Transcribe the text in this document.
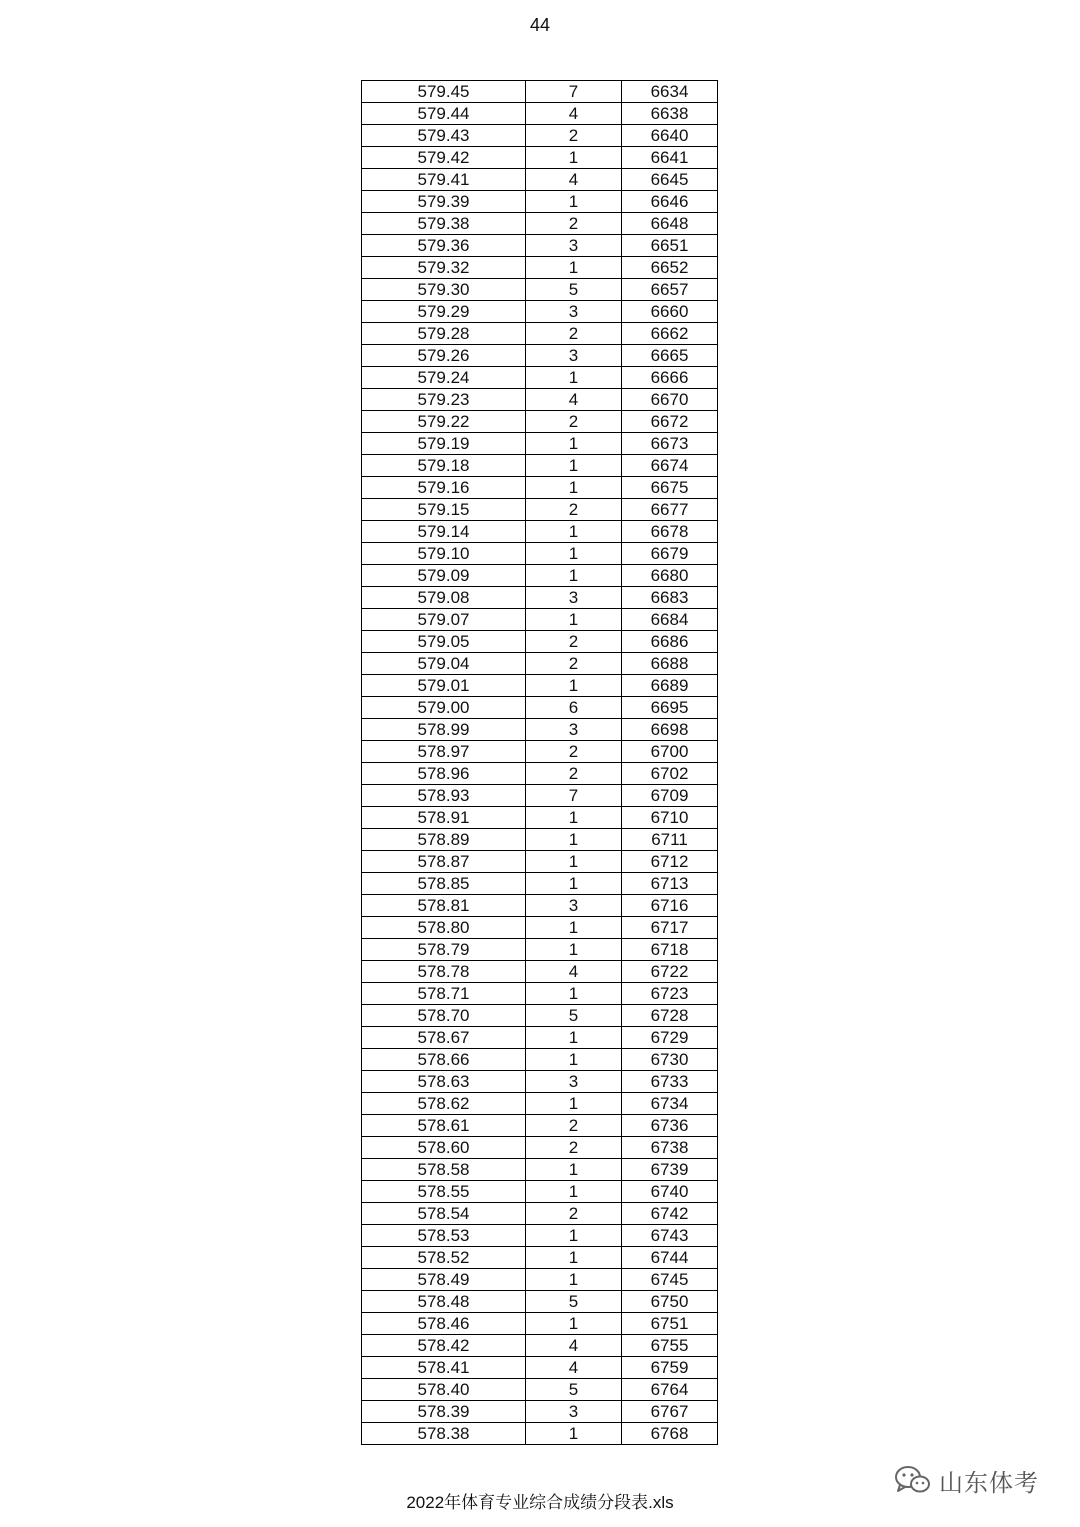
44
579.45	7	6634
579.44	4	6638
579.43	2	6640
579.42	1	6641
579.41	4	6645
579.39	1	6646
579.38	2	6648
579.36	3	6651
579.32	1	6652
579.30	5	6657
579.29	3	6660
579.28	2	6662
579.26	3	6665
579.24	1	6666
579.23	4	6670
579.22	2	6672
579.19	1	6673
579.18	1	6674
579.16	1	6675
579.15	2	6677
579.14	1	6678
579.10	1	6679
579.09	1	6680
579.08	3	6683
579.07	1	6684
579.05	2	6686
579.04	2	6688
579.01	1	6689
579.00	6	6695
578.99	3	6698
578.97	2	6700
578.96	2	6702
578.93	7	6709
578.91	1	6710
578.89	1	6711
578.87	1	6712
578.85	1	6713
578.81	3	6716
578.80	1	6717
578.79	1	6718
578.78	4	6722
578.71	1	6723
578.70	5	6728
578.67	1	6729
578.66	1	6730
578.63	3	6733
578.62	1	6734
578.61	2	6736
578.60	2	6738
578.58	1	6739
578.55	1	6740
578.54	2	6742
578.53	1	6743
578.52	1	6744
578.49	1	6745
578.48	5	6750
578.46	1	6751
578.42	4	6755
578.41	4	6759
578.40	5	6764
578.39	3	6767
578.38	1	6768
山东体考
2022年体育专业综合成绩分段表.xls
